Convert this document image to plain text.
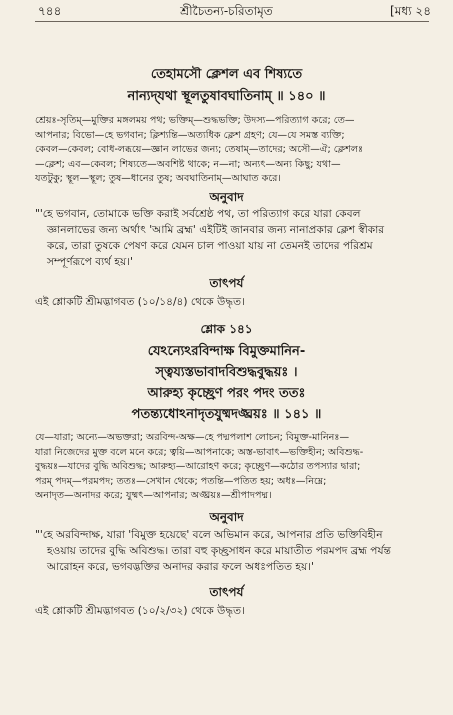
৭৪৪	শ্রীচৈতন্য-চরিতামৃত	[মধ্য ২৪
তেহামসৌ ক্লেশল এব শিষ্যতে
নান্যদ্‌যথা স্থূলতুষাবঘাতিনাম্‌ ॥ ১৪০ ॥
শ্রেয়ঃ-সৃতিম্—মুক্তির মঙ্গলময় পথ; ভক্তিম্—শুদ্ধভক্তি; উদস্য—পরিত্যাগ করে; তে—
আপনার; বিভো—হে ভগবান; ক্লিশ্যন্তি—অত্যধিক ক্লেশ গ্রহণ; যে—যে সমস্ত ব্যক্তি;
কেবল—কেবল; বোধ-লব্ধয়ে—জ্ঞান লাভের জন্য; তেষাম্—তাদের; অসৌ—ঐ; ক্লেশলঃ
—ক্লেশ; এব—কেবল; শিষ্যতে—অবশিষ্ট থাকে; ন—না; অন্যৎ—অন্য কিছু; যথা—
যতটুকু; স্থূল—স্থূল; তুষ—ধানের তুষ; অবঘাতিনাম্—আঘাত করে।
অনুবাদ
"'হে ভগবান, তোমাকে ভক্তি করাই সর্বশ্রেষ্ঠ পথ, তা পরিত্যাগ করে যারা কেবল
জ্ঞানলাভের জন্য অর্থাৎ 'আমি ব্রহ্ম' এইটিই জানবার জন্য নানাপ্রকার ক্লেশ স্বীকার
করে, তারা তুষকে পেষণ করে যেমন চাল পাওয়া যায় না তেমনই তাদের পরিশ্রম
সম্পূর্ণরূপে ব্যর্থ হয়।'
তাৎপর্য
এই শ্লোকটি শ্রীমদ্ভাগবত (১০/১৪/৪) থেকে উদ্ধৃত।
শ্লোক ১৪১
যেঽন্যেঽরবিন্দাক্ষ বিমুক্তমানিন-
স্ত্বয্যস্তভাবাদবিশুদ্ধবুদ্ধয়ঃ ।
আরুহ্য কৃচ্ছ্রেণ পরং পদং ততঃ
পতন্ত্যধোঽনাদৃতযুষ্মদঙ্ঘ্রয়ঃ ॥ ১৪১ ॥
যে—যারা; অন্যে—অভক্তরা; অরবিন্দ-অক্ষ—হে পদ্মপলাশ লোচন; বিমুক্ত-মানিনঃ—
যারা নিজেদের মুক্ত বলে মনে করে; ত্বয়ি—আপনাকে; অস্ত-ভাবাৎ—ভক্তিহীন; অবিশুদ্ধ-
বুদ্ধয়ঃ—যাদের বুদ্ধি অবিশুদ্ধ; আরুহ্য—আরোহণ করে; কৃচ্ছ্রেণ—কঠোর তপস্যার দ্বারা;
পরম্ পদম্—পরমপদ; ততঃ—সেখান থেকে; পতন্তি—পতিত হয়; অধঃ—নিম্নে;
অনাদৃত—অনাদর করে; যুষ্মৎ—আপনার; অঙ্ঘ্রয়ঃ—শ্রীপাদপদ্ম।
অনুবাদ
"'হে অরবিন্দাক্ষ, যারা 'বিমুক্ত হয়েছে' বলে অভিমান করে, আপনার প্রতি ভক্তিবিহীন
হওয়ায় তাদের বুদ্ধি অবিশুদ্ধ। তারা বহু কৃচ্ছ্রসাধন করে মায়াতীত পরমপদ ব্রহ্ম পর্যন্ত
আরোহন করে, ভগবদ্ভক্তির অনাদর করার ফলে অধঃপতিত হয়।'
তাৎপর্য
এই শ্লোকটি শ্রীমদ্ভাগবত (১০/২/৩২) থেকে উদ্ধৃত।
